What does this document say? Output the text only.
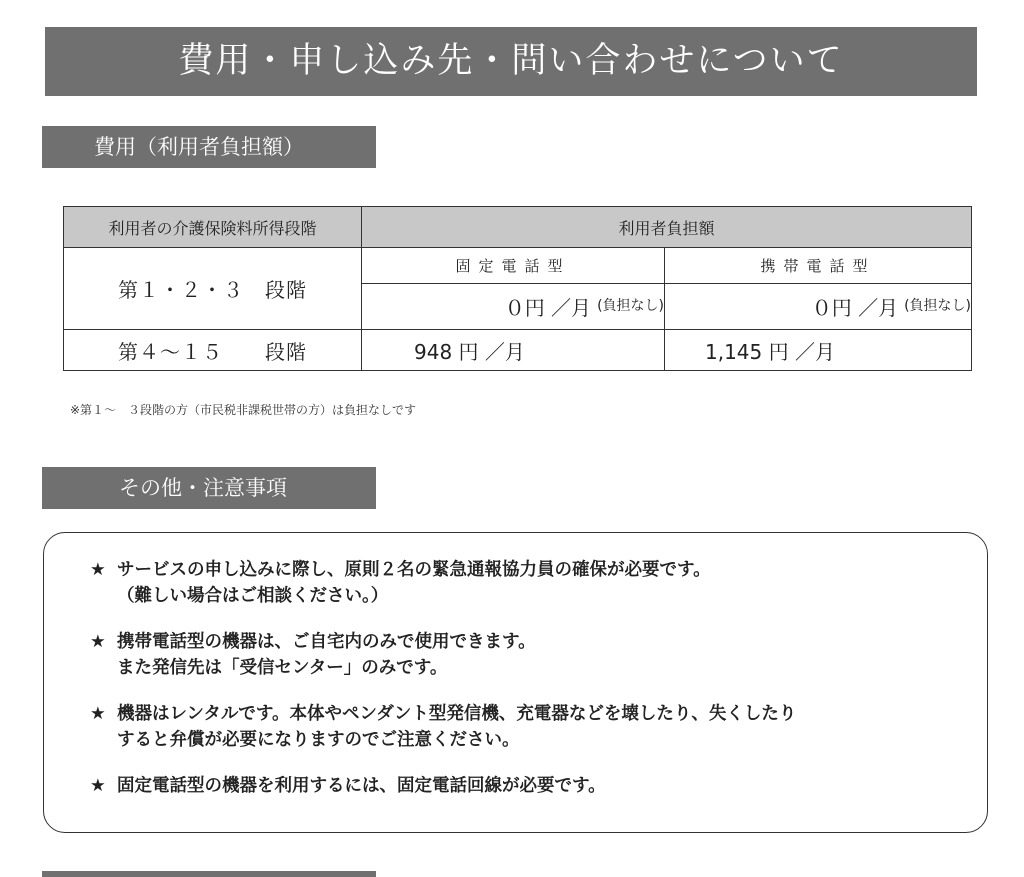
費用・申し込み先・問い合わせについて
費用（利用者負担額）
利用者の介護保険料所得段階	利用者負担額	
第１・２・３　段階	固定電話型	携帯電話型
	０円 ／月 $^{(負担なし)}$	０円 ／月 $^{(負担なし)}$
第４～１５　　段階	948 円 ／月	1,145 円 ／月
※第１～　３段階の方（市民税非課税世帯の方）は負担なしです
その他・注意事項
★ サービスの申し込みに際し、原則２名の緊急通報協力員の確保が必要です。
（難しい場合はご相談ください。）
★ 携帯電話型の機器は、ご自宅内のみで使用できます。
また発信先は「受信センター」のみです。
★ 機器はレンタルです。本体やペンダント型発信機、充電器などを壊したり、失くしたり
すると弁償が必要になりますのでご注意ください。
★ 固定電話型の機器を利用するには、固定電話回線が必要です。
